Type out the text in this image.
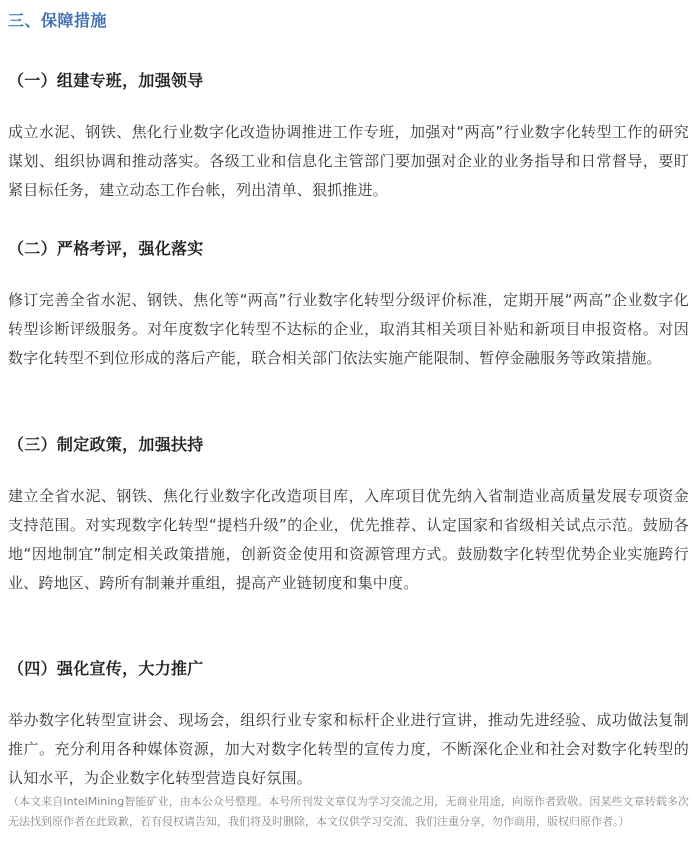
三、保障措施
（一）组建专班，加强领导

成立水泥、钢铁、焦化行业数字化改造协调推进工作专班，加强对“两高”行业数字化转型工作的研究谋划、组织协调和推动落实。各级工业和信息化主管部门要加强对企业的业务指导和日常督导，要盯紧目标任务，建立动态工作台帐，列出清单、狠抓推进。

（二）严格考评，强化落实

修订完善全省水泥、钢铁、焦化等“两高”行业数字化转型分级评价标准，定期开展“两高”企业数字化转型诊断评级服务。对年度数字化转型不达标的企业，取消其相关项目补贴和新项目申报资格。对因数字化转型不到位形成的落后产能，联合相关部门依法实施产能限制、暂停金融服务等政策措施。

（三）制定政策，加强扶持

建立全省水泥、钢铁、焦化行业数字化改造项目库，入库项目优先纳入省制造业高质量发展专项资金支持范围。对实现数字化转型“提档升级”的企业，优先推荐、认定国家和省级相关试点示范。鼓励各地“因地制宜”制定相关政策措施，创新资金使用和资源管理方式。鼓励数字化转型优势企业实施跨行业、跨地区、跨所有制兼并重组，提高产业链韧度和集中度。

（四）强化宣传，大力推广

举办数字化转型宣讲会、现场会，组织行业专家和标杆企业进行宣讲，推动先进经验、成功做法复制推广。充分利用各种媒体资源，加大对数字化转型的宣传力度，不断深化企业和社会对数字化转型的认知水平，为企业数字化转型营造良好氛围。

（本文来自IntelMining智能矿业，由本公众号整理。本号所刊发文章仅为学习交流之用，无商业用途，向原作者致敬。因某些文章转载多次无法找到原作者在此致歉，若有侵权请告知，我们将及时删除，本文仅供学习交流、我们注重分享，勿作商用，版权归原作者。）
